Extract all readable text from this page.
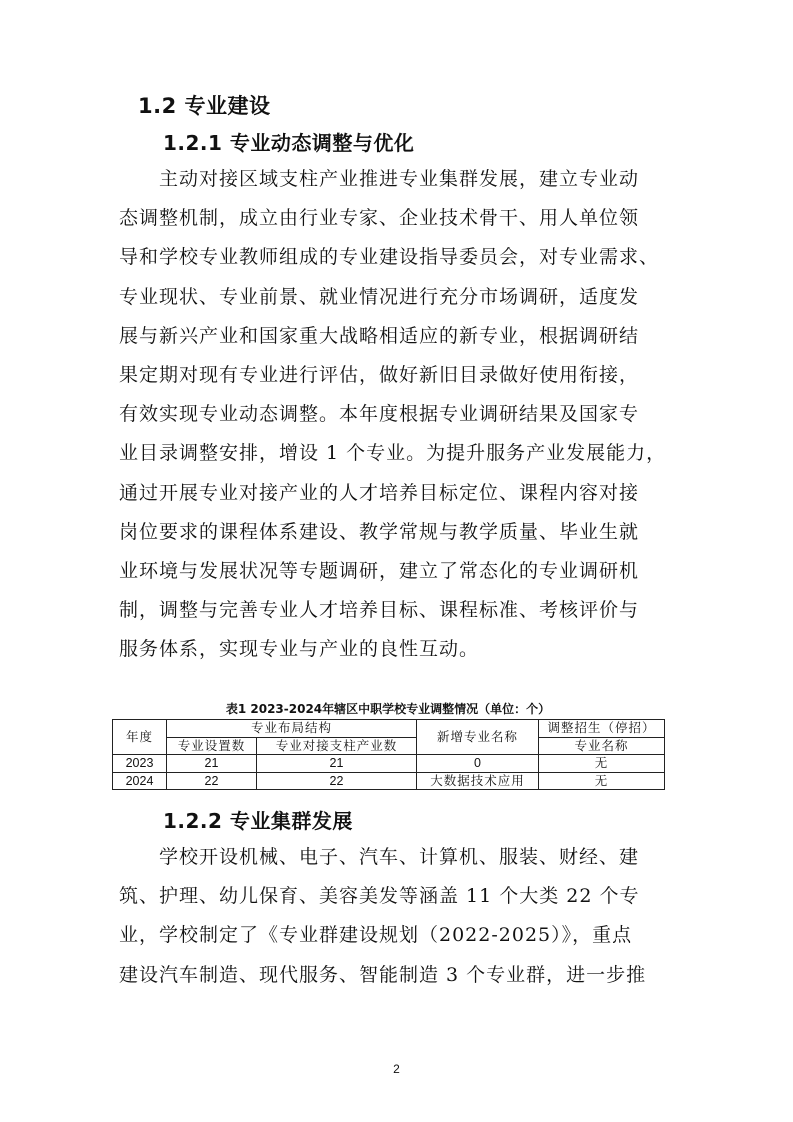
1.2 专业建设
1.2.1 专业动态调整与优化
主动对接区域支柱产业推进专业集群发展，建立专业动
态调整机制，成立由行业专家、企业技术骨干、用人单位领
导和学校专业教师组成的专业建设指导委员会，对专业需求、
专业现状、专业前景、就业情况进行充分市场调研，适度发
展与新兴产业和国家重大战略相适应的新专业，根据调研结
果定期对现有专业进行评估，做好新旧目录做好使用衔接，
有效实现专业动态调整。本年度根据专业调研结果及国家专
业目录调整安排，增设 1 个专业。为提升服务产业发展能力，
通过开展专业对接产业的人才培养目标定位、课程内容对接
岗位要求的课程体系建设、教学常规与教学质量、毕业生就
业环境与发展状况等专题调研，建立了常态化的专业调研机
制，调整与完善专业人才培养目标、课程标准、考核评价与
服务体系，实现专业与产业的良性互动。
表1 2023-2024年辖区中职学校专业调整情况（单位：个）
年度	专业布局结构		新增专业名称	调整招生（停招）
	专业设置数	专业对接支柱产业数		专业名称
2023	21	21	0	无
2024	22	22	大数据技术应用	无
1.2.2 专业集群发展
学校开设机械、电子、汽车、计算机、服装、财经、建
筑、护理、幼儿保育、美容美发等涵盖 11 个大类 22 个专
业，学校制定了《专业群建设规划（2022-2025）》，重点
建设汽车制造、现代服务、智能制造 3 个专业群，进一步推
2
